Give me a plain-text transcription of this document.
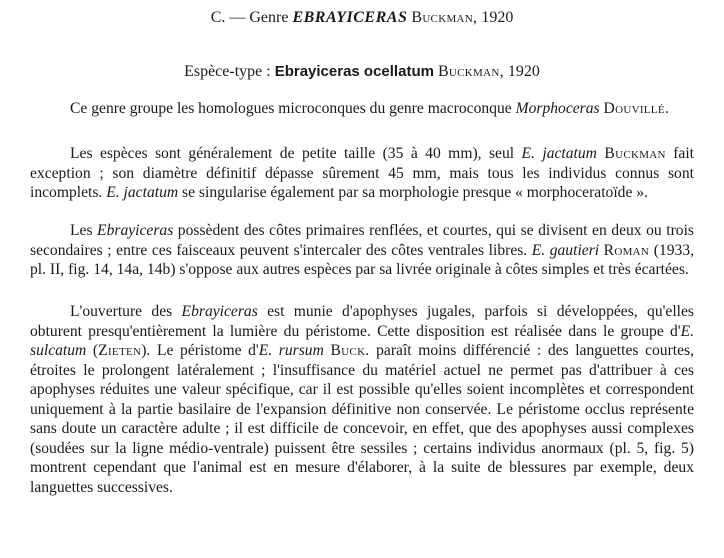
C. — Genre EBRAYICERAS Buckman, 1920
Espèce-type : Ebrayiceras ocellatum Buckman, 1920

Ce genre groupe les homologues microconques du genre macroconque Morphoceras Douvillé.

Les espèces sont généralement de petite taille (35 à 40 mm), seul E. jactatum Buckman fait exception ; son diamètre définitif dépasse sûrement 45 mm, mais tous les individus connus sont incomplets. E. jactatum se singularise également par sa morphologie presque « morphoceratoïde ».

Les Ebrayiceras possèdent des côtes primaires renflées, et courtes, qui se divisent en deux ou trois secondaires ; entre ces faisceaux peuvent s'intercaler des côtes ventrales libres. E. gautieri Roman (1933, pl. II, fig. 14, 14a, 14b) s'oppose aux autres espèces par sa livrée originale à côtes simples et très écartées.

L'ouverture des Ebrayiceras est munie d'apophyses jugales, parfois si développées, qu'elles obturent presqu'entièrement la lumière du péristome. Cette disposition est réalisée dans le groupe d'E. sulcatum (Zieten). Le péristome d'E. rursum Buck. paraît moins différencié : des languettes courtes, étroites le prolongent latéralement ; l'insuffisance du matériel actuel ne permet pas d'attribuer à ces apophyses réduites une valeur spécifique, car il est possible qu'elles soient incomplètes et correspondent uniquement à la partie basilaire de l'expansion définitive non conservée. Le péristome occlus représente sans doute un caractère adulte ; il est difficile de concevoir, en effet, que des apophyses aussi complexes (soudées sur la ligne médio-ventrale) puissent être sessiles ; certains individus anormaux (pl. 5, fig. 5) montrent cependant que l'animal est en mesure d'élaborer, à la suite de blessures par exemple, deux languettes successives.
